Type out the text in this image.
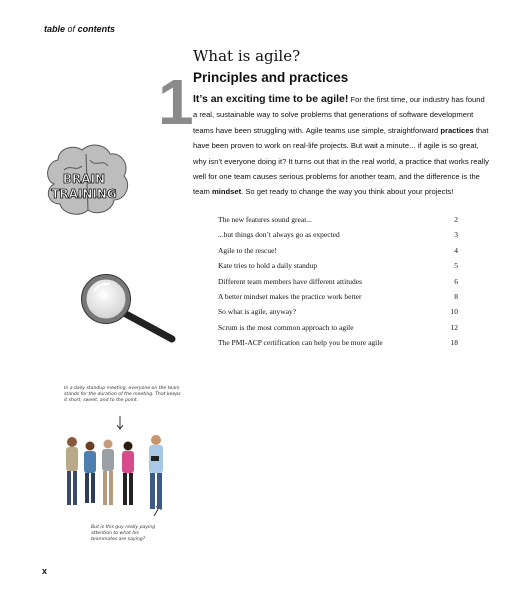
table of contents
What is agile?
1 Principles and practices
It’s an exciting time to be agile! For the first time, our industry has found a real, sustainable way to solve problems that generations of software development teams have been struggling with. Agile teams use simple, straightforward practices that have been proven to work on real-life projects. But wait a minute... if agile is so great, why isn’t everyone doing it? It turns out that in the real world, a practice that works really well for one team causes serious problems for another team, and the difference is the team mindset. So get ready to change the way you think about your projects!
The new features sound great...	2
...but things don’t always go as expected	3
Agile to the rescue!	4
Kate tries to hold a daily standup	5
Different team members have different attitudes	6
A better mindset makes the practice work better	8
So what is agile, anyway?	10
Scrum is the most common approach to agile	12
The PMI-ACP certification can help you be more agile	18
BRAIN
TRAINING
In a daily standup meeting, everyone on the team stands for the duration of the meeting. That keeps it short, sweet, and to the point.
But is this guy really paying attention to what his teammates are saying?
x
